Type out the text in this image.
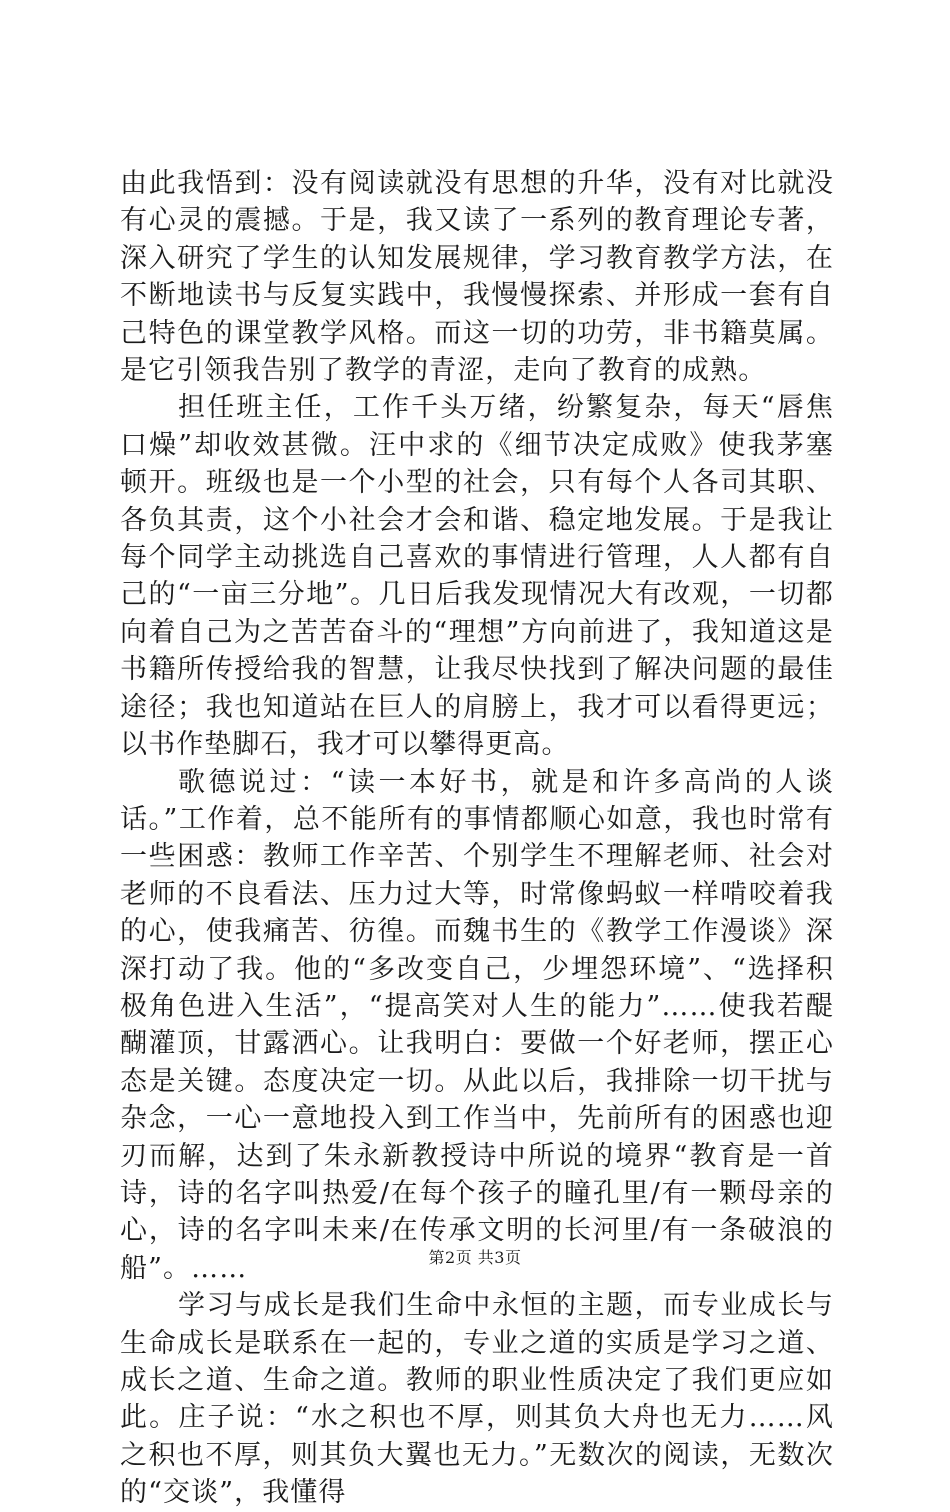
由此我悟到：没有阅读就没有思想的升华，没有对比就没有心灵的震撼。于是，我又读了一系列的教育理论专著，深入研究了学生的认知发展规律，学习教育教学方法，在不断地读书与反复实践中，我慢慢探索、并形成一套有自己特色的课堂教学风格。而这一切的功劳，非书籍莫属。是它引领我告别了教学的青涩，走向了教育的成熟。

担任班主任，工作千头万绪，纷繁复杂，每天“唇焦口燥”却收效甚微。汪中求的《细节决定成败》使我茅塞顿开。班级也是一个小型的社会，只有每个人各司其职、各负其责，这个小社会才会和谐、稳定地发展。于是我让每个同学主动挑选自己喜欢的事情进行管理，人人都有自己的“一亩三分地”。几日后我发现情况大有改观，一切都向着自己为之苦苦奋斗的“理想”方向前进了，我知道这是书籍所传授给我的智慧，让我尽快找到了解决问题的最佳途径；我也知道站在巨人的肩膀上，我才可以看得更远；以书作垫脚石，我才可以攀得更高。

歌德说过：“读一本好书，就是和许多高尚的人谈话。”工作着，总不能所有的事情都顺心如意，我也时常有一些困惑：教师工作辛苦、个别学生不理解老师、社会对老师的不良看法、压力过大等，时常像蚂蚁一样啃咬着我的心，使我痛苦、彷徨。而魏书生的《教学工作漫谈》深深打动了我。他的“多改变自己，少埋怨环境”、“选择积极角色进入生活”，“提高笑对人生的能力”……使我若醍醐灌顶，甘露洒心。让我明白：要做一个好老师，摆正心态是关键。态度决定一切。从此以后，我排除一切干扰与杂念，一心一意地投入到工作当中，先前所有的困惑也迎刃而解，达到了朱永新教授诗中所说的境界“教育是一首诗，诗的名字叫热爱/在每个孩子的瞳孔里/有一颗母亲的心，诗的名字叫未来/在传承文明的长河里/有一条破浪的船”。……

学习与成长是我们生命中永恒的主题，而专业成长与生命成长是联系在一起的，专业之道的实质是学习之道、成长之道、生命之道。教师的职业性质决定了我们更应如此。庄子说：“水之积也不厚，则其负大舟也无力……风之积也不厚，则其负大翼也无力。”无数次的阅读，无数次的“交谈”，我懂得

第2页 共3页
